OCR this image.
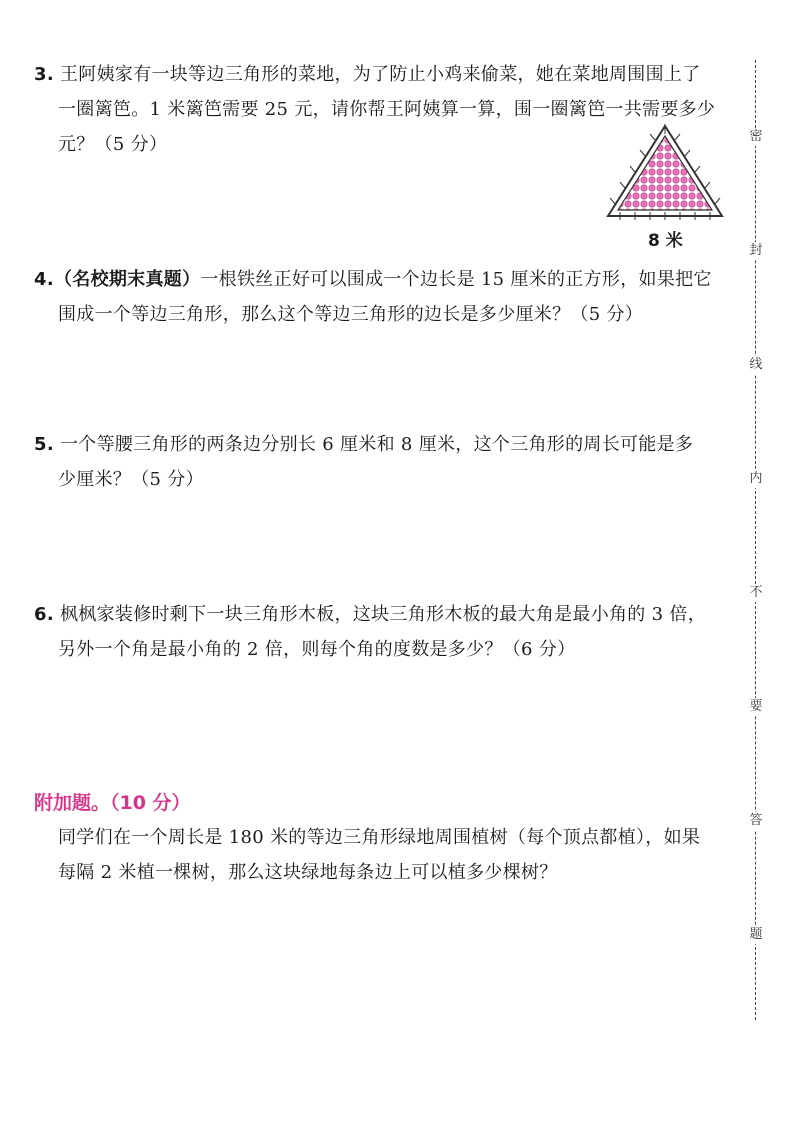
3. 王阿姨家有一块等边三角形的菜地，为了防止小鸡来偷菜，她在菜地周围围上了
一圈篱笆。1 米篱笆需要 25 元，请你帮王阿姨算一算，围一圈篱笆一共需要多少
元？（5 分）
8 米
4.（名校期末真题）一根铁丝正好可以围成一个边长是 15 厘米的正方形，如果把它
围成一个等边三角形，那么这个等边三角形的边长是多少厘米？（5 分）
5. 一个等腰三角形的两条边分别长 6 厘米和 8 厘米，这个三角形的周长可能是多
少厘米？（5 分）
6. 枫枫家装修时剩下一块三角形木板，这块三角形木板的最大角是最小角的 3 倍，
另外一个角是最小角的 2 倍，则每个角的度数是多少？（6 分）
附加题。（10 分）
同学们在一个周长是 180 米的等边三角形绿地周围植树（每个顶点都植），如果
每隔 2 米植一棵树，那么这块绿地每条边上可以植多少棵树？
密
封
线
内
不
要
答
题
